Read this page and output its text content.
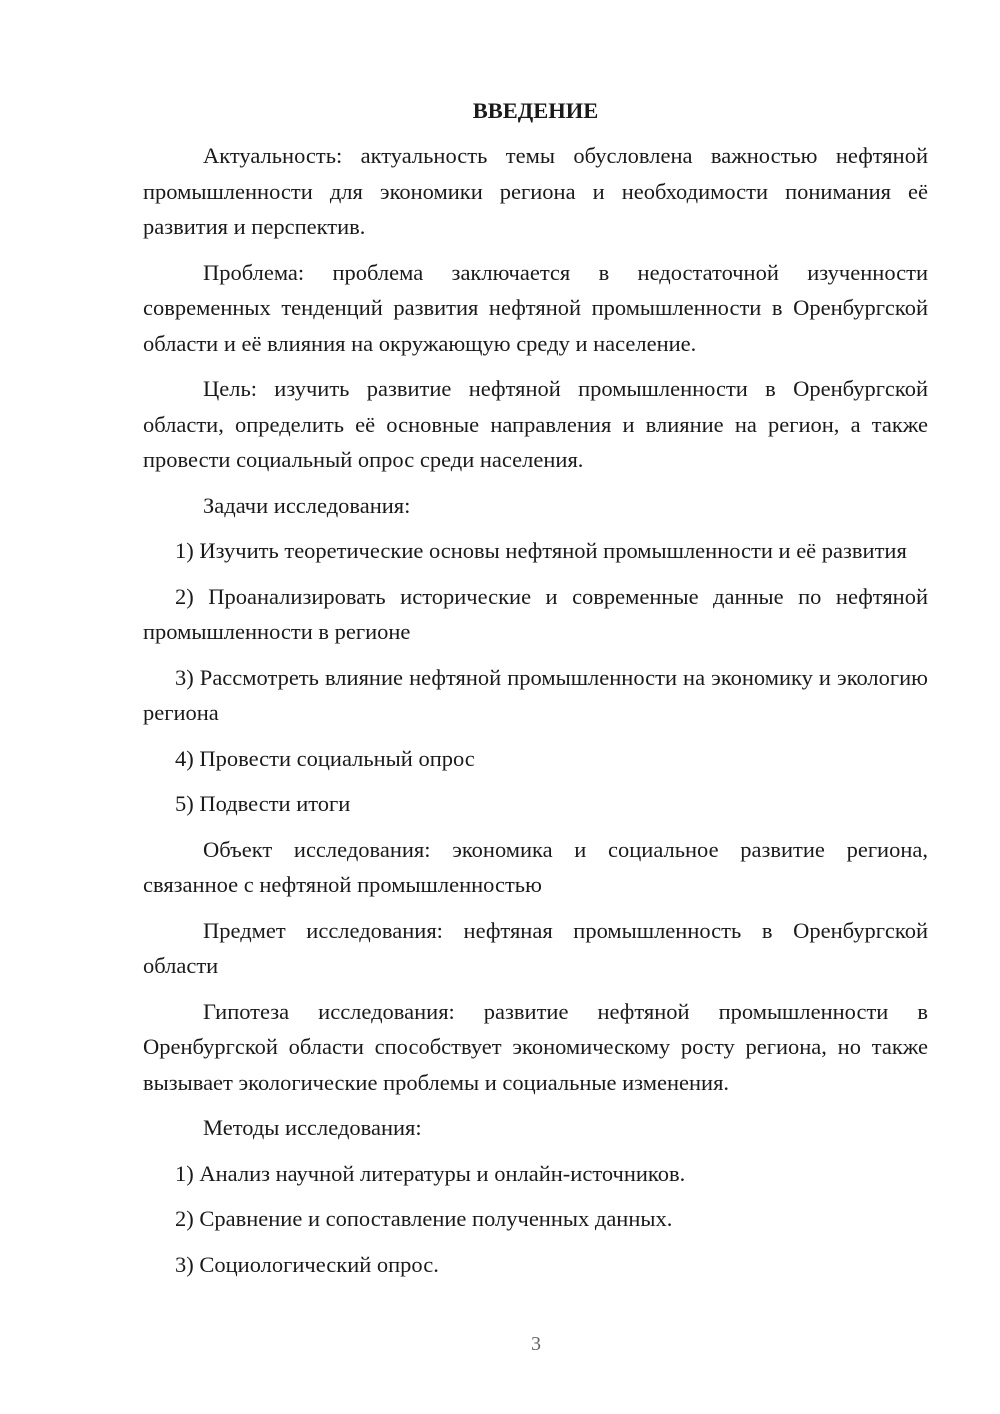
ВВЕДЕНИЕ

Актуальность: актуальность темы обусловлена важностью нефтяной промышленности для экономики региона и необходимости понимания её развития и перспектив.

Проблема: проблема заключается в недостаточной изученности современных тенденций развития нефтяной промышленности в Оренбургской области и её влияния на окружающую среду и население.

Цель: изучить развитие нефтяной промышленности в Оренбургской области, определить её основные направления и влияние на регион, а также провести социальный опрос среди населения.

Задачи исследования:

1) Изучить теоретические основы нефтяной промышленности и её развития

2) Проанализировать исторические и современные данные по нефтяной промышленности в регионе

3) Рассмотреть влияние нефтяной промышленности на экономику и экологию региона

4) Провести социальный опрос

5) Подвести итоги

Объект исследования: экономика и социальное развитие региона, связанное с нефтяной промышленностью

Предмет исследования: нефтяная промышленность в Оренбургской области

Гипотеза исследования: развитие нефтяной промышленности в Оренбургской области способствует экономическому росту региона, но также вызывает экологические проблемы и социальные изменения.

Методы исследования:

1) Анализ научной литературы и онлайн-источников.

2) Сравнение и сопоставление полученных данных.

3) Социологический опрос.

3
